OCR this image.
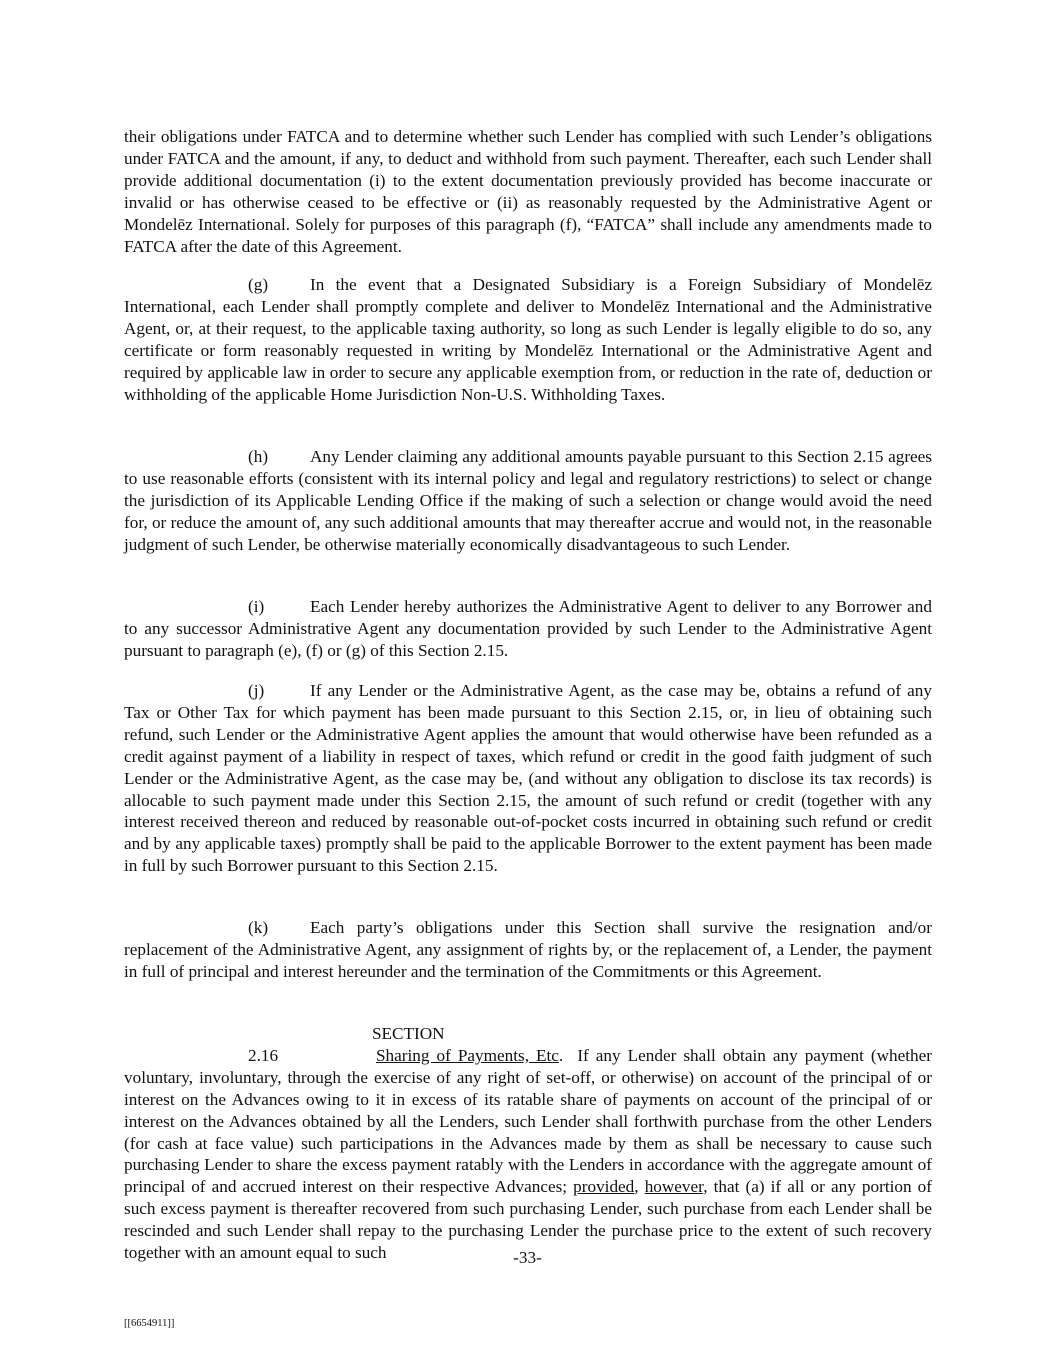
their obligations under FATCA and to determine whether such Lender has complied with such Lender’s obligations under FATCA and the amount, if any, to deduct and withhold from such payment. Thereafter, each such Lender shall provide additional documentation (i) to the extent documentation previously provided has become inaccurate or invalid or has otherwise ceased to be effective or (ii) as reasonably requested by the Administrative Agent or Mondelēz International. Solely for purposes of this paragraph (f), “FATCA” shall include any amendments made to FATCA after the date of this Agreement.

(g) In the event that a Designated Subsidiary is a Foreign Subsidiary of Mondelēz International, each Lender shall promptly complete and deliver to Mondelēz International and the Administrative Agent, or, at their request, to the applicable taxing authority, so long as such Lender is legally eligible to do so, any certificate or form reasonably requested in writing by Mondelēz International or the Administrative Agent and required by applicable law in order to secure any applicable exemption from, or reduction in the rate of, deduction or withholding of the applicable Home Jurisdiction Non-U.S. Withholding Taxes.

(h) Any Lender claiming any additional amounts payable pursuant to this Section 2.15 agrees to use reasonable efforts (consistent with its internal policy and legal and regulatory restrictions) to select or change the jurisdiction of its Applicable Lending Office if the making of such a selection or change would avoid the need for, or reduce the amount of, any such additional amounts that may thereafter accrue and would not, in the reasonable judgment of such Lender, be otherwise materially economically disadvantageous to such Lender.

(i)	Each Lender hereby authorizes the Administrative Agent to deliver to any Borrower and to any successor Administrative Agent any documentation provided by such Lender to the Administrative Agent pursuant to paragraph (e), (f) or (g) of this Section 2.15.

(j)	If any Lender or the Administrative Agent, as the case may be, obtains a refund of any Tax or Other Tax for which payment has been made pursuant to this Section 2.15, or, in lieu of obtaining such refund, such Lender or the Administrative Agent applies the amount that would otherwise have been refunded as a credit against payment of a liability in respect of taxes, which refund or credit in the good faith judgment of such Lender or the Administrative Agent, as the case may be, (and without any obligation to disclose its tax records) is allocable to such payment made under this Section 2.15, the amount of such refund or credit (together with any interest received thereon and reduced by reasonable out-of-pocket costs incurred in obtaining such refund or credit and by any applicable taxes) promptly shall be paid to the applicable Borrower to the extent payment has been made in full by such Borrower pursuant to this Section 2.15.

(k) Each party’s obligations under this Section shall survive the resignation and/or replacement of the Administrative Agent, any assignment of rights by, or the replacement of, a Lender, the payment in full of principal and interest hereunder and the termination of the Commitments or this Agreement.

SECTION 2.16	Sharing of Payments, Etc. If any Lender shall obtain any payment (whether voluntary, involuntary, through the exercise of any right of set-off, or otherwise) on account of the principal of or interest on the Advances owing to it in excess of its ratable share of payments on account of the principal of or interest on the Advances obtained by all the Lenders, such Lender shall forthwith purchase from the other Lenders (for cash at face value) such participations in the Advances made by them as shall be necessary to cause such purchasing Lender to share the excess payment ratably with the Lenders in accordance with the aggregate amount of principal of and accrued interest on their respective Advances; provided, however, that (a) if all or any portion of such excess payment is thereafter recovered from such purchasing Lender, such purchase from each Lender shall be rescinded and such Lender shall repay to the purchasing Lender the purchase price to the extent of such recovery together with an amount equal to such	-33-
[[6654911]]
